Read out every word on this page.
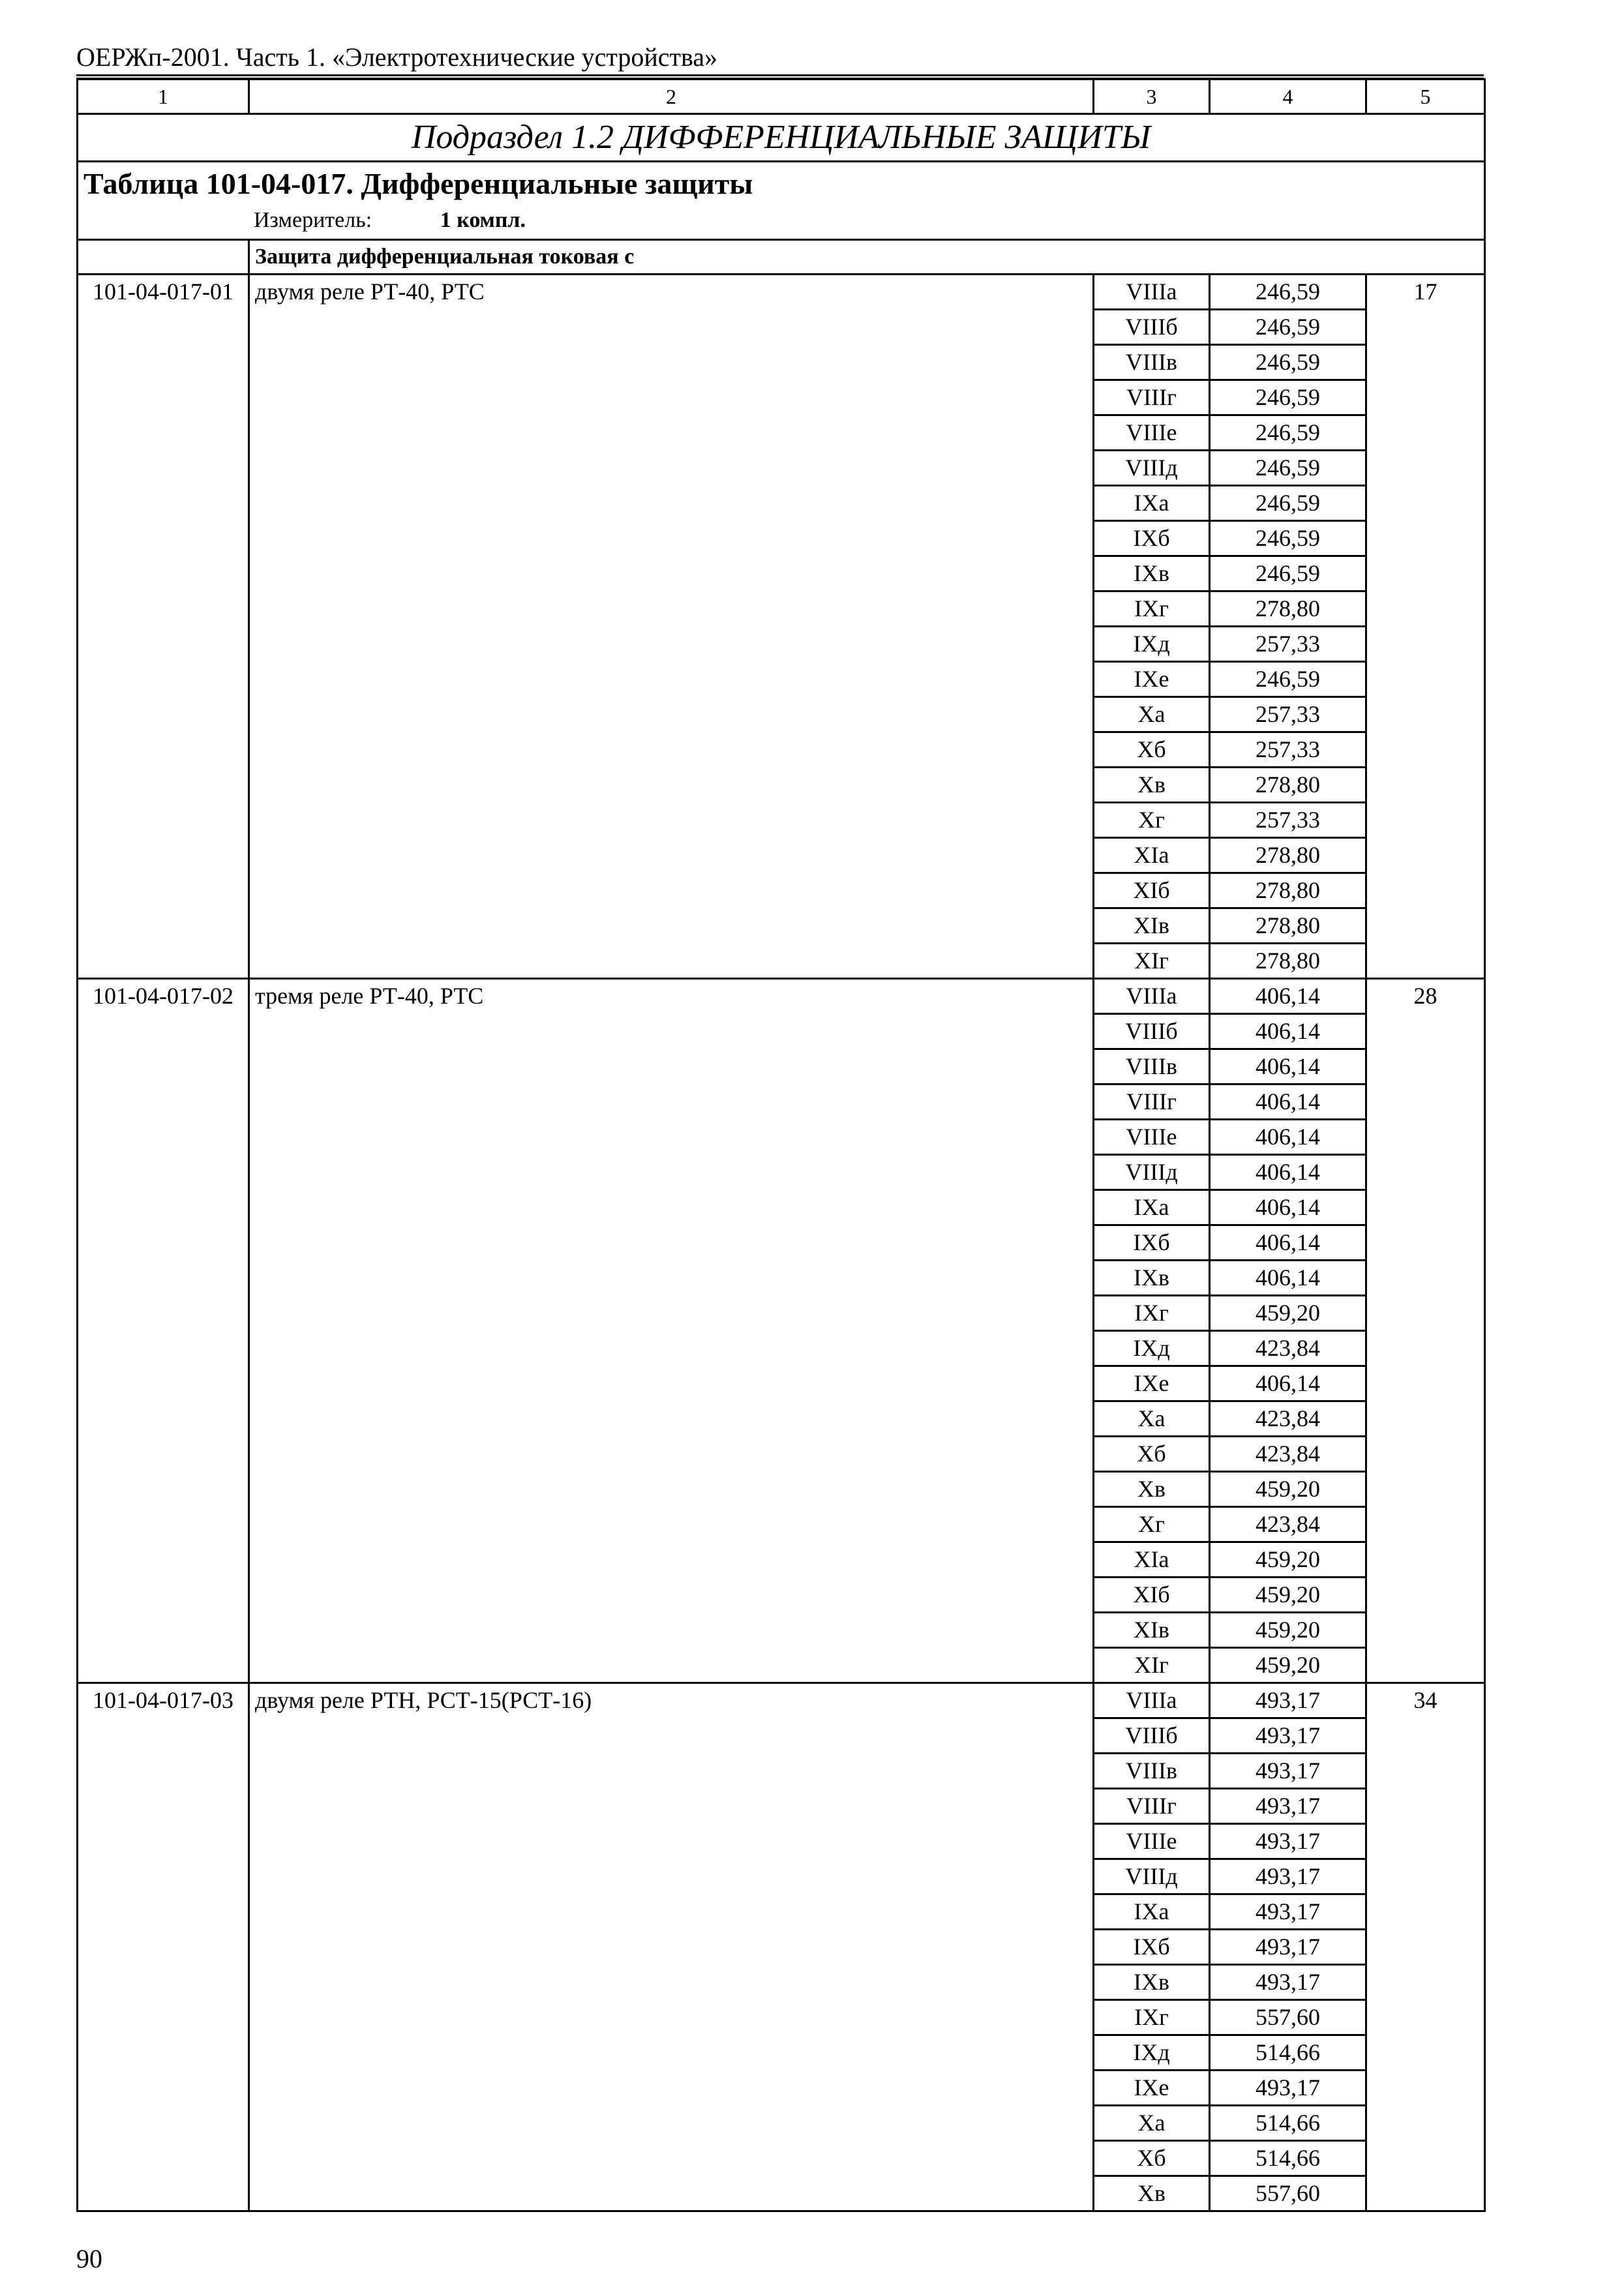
ОЕРЖп-2001. Часть 1. «Электротехнические устройства»
1	2	3	4	5
Подраздел 1.2 ДИФФЕРЕНЦИАЛЬНЫЕ ЗАЩИТЫ				

Таблица 101-04-017. Дифференциальные защиты
Измеритель: 1 компл.				

	Защита дифференциальная токовая с			
101-04-017-01	двумя реле РТ-40, РТС	VIIIа	246,59	17
		VIIIб	246,59	
		VIIIв	246,59	
		VIIIг	246,59	
		VIIIе	246,59	
		VIIIд	246,59	
		IXа	246,59	
		IXб	246,59	
		IXв	246,59	
		IXг	278,80	
		IXд	257,33	
		IXе	246,59	
		Xа	257,33	
		Xб	257,33	
		Xв	278,80	
		Xг	257,33	
		XIа	278,80	
		XIб	278,80	
		XIв	278,80	
		XIг	278,80	
101-04-017-02	тремя реле РТ-40, РТС	VIIIа	406,14	28
		VIIIб	406,14	
		VIIIв	406,14	
		VIIIг	406,14	
		VIIIе	406,14	
		VIIIд	406,14	
		IXа	406,14	
		IXб	406,14	
		IXв	406,14	
		IXг	459,20	
		IXд	423,84	
		IXе	406,14	
		Xа	423,84	
		Xб	423,84	
		Xв	459,20	
		Xг	423,84	
		XIа	459,20	
		XIб	459,20	
		XIв	459,20	
		XIг	459,20	
101-04-017-03	двумя реле РТН, РСТ-15(РСТ-16)	VIIIа	493,17	34
		VIIIб	493,17	
		VIIIв	493,17	
		VIIIг	493,17	
		VIIIе	493,17	
		VIIIд	493,17	
		IXа	493,17	
		IXб	493,17	
		IXв	493,17	
		IXг	557,60	
		IXд	514,66	
		IXе	493,17	
		Xа	514,66	
		Xб	514,66	
		Xв	557,60	
90
